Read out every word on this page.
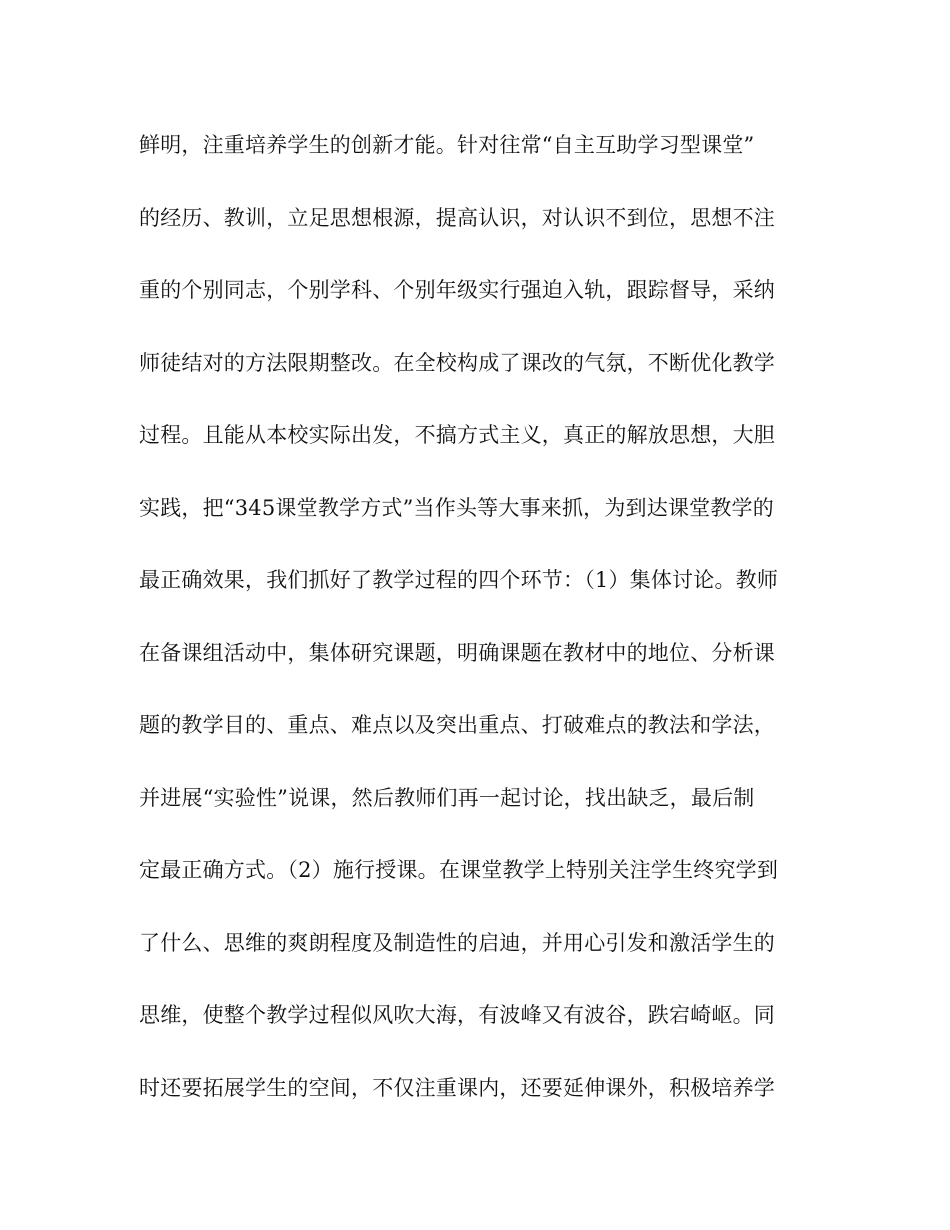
鲜明，注重培养学生的创新才能。针对往常“自主互助学习型课堂”
的经历、教训，立足思想根源，提高认识，对认识不到位，思想不注
重的个别同志，个别学科、个别年级实行强迫入轨，跟踪督导，采纳
师徒结对的方法限期整改。在全校构成了课改的气氛，不断优化教学
过程。且能从本校实际出发，不搞方式主义，真正的解放思想，大胆
实践，把“345课堂教学方式”当作头等大事来抓，为到达课堂教学的
最正确效果，我们抓好了教学过程的四个环节：（1）集体讨论。教师
在备课组活动中，集体研究课题，明确课题在教材中的地位、分析课
题的教学目的、重点、难点以及突出重点、打破难点的教法和学法，
并进展“实验性”说课，然后教师们再一起讨论，找出缺乏，最后制
定最正确方式。（2）施行授课。在课堂教学上特别关注学生终究学到
了什么、思维的爽朗程度及制造性的启迪，并用心引发和激活学生的
思维，使整个教学过程似风吹大海，有波峰又有波谷，跌宕崎岖。同
时还要拓展学生的空间，不仅注重课内，还要延伸课外，积极培养学
